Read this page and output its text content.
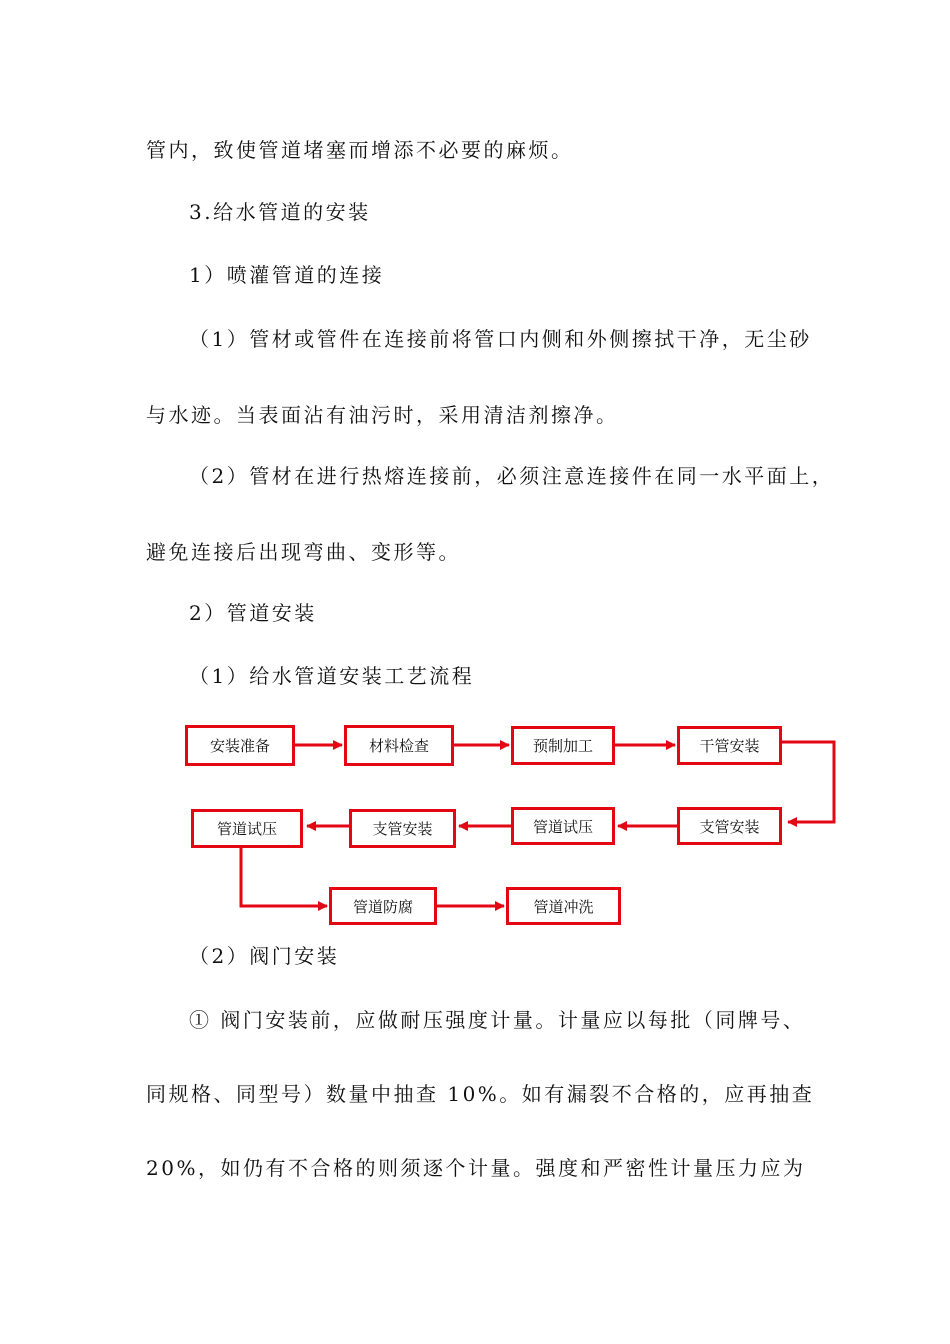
管内，致使管道堵塞而增添不必要的麻烦。
3.给水管道的安装
1）喷灌管道的连接
（1）管材或管件在连接前将管口内侧和外侧擦拭干净，无尘砂
与水迹。当表面沾有油污时，采用清洁剂擦净。
（2）管材在进行热熔连接前，必须注意连接件在同一水平面上，
避免连接后出现弯曲、变形等。
2）管道安装
（1）给水管道安装工艺流程
安装准备	材料检查	预制加工	干管安装
支管安装
管道试压
支管安装
管道试压
管道防腐	管道冲洗
（2）阀门安装
① 阀门安装前，应做耐压强度计量。计量应以每批（同牌号、
同规格、同型号）数量中抽查 10%。如有漏裂不合格的，应再抽查
20%，如仍有不合格的则须逐个计量。强度和严密性计量压力应为
